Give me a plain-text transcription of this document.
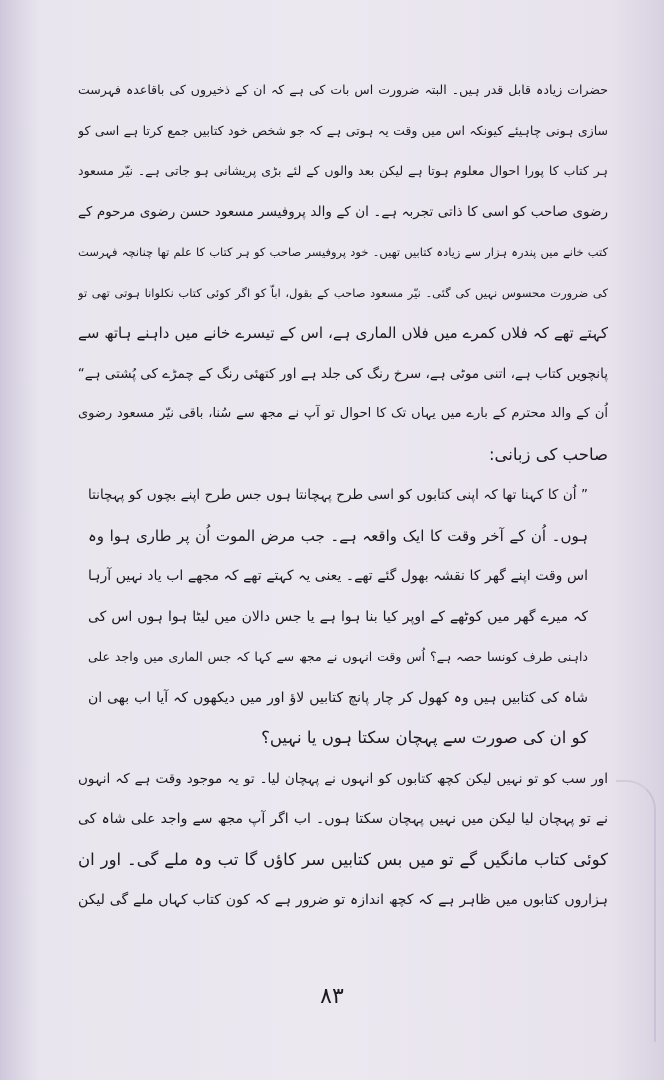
حضرات زیادہ قابل قدر ہیں۔ البتہ ضرورت اس بات کی ہے کہ ان کے ذخیروں کی باقاعدہ فہرست
سازی ہونی چاہیئے کیونکہ اس میں وقت یہ ہوتی ہے کہ جو شخص خود کتابیں جمع کرتا ہے اسی کو
ہر کتاب کا پورا احوال معلوم ہوتا ہے لیکن بعد والوں کے لئے بڑی پریشانی ہو جاتی ہے۔ نیّر مسعود
رضوی صاحب کو اسی کا ذاتی تجربہ ہے۔ ان کے والد پروفیسر مسعود حسن رضوی مرحوم کے
کتب خانے میں پندرہ ہزار سے زیادہ کتابیں تھیں۔ خود پروفیسر صاحب کو ہر کتاب کا علم تھا چنانچہ فہرست
کی ضرورت محسوس نہیں کی گئی۔ نیّر مسعود صاحب کے بقول، اباّ کو اگر کوئی کتاب نکلوانا ہوتی تھی تو
کہتے تھے کہ فلاں کمرے میں فلاں الماری ہے، اس کے تیسرے خانے میں داہنے ہاتھ سے
پانچویں کتاب ہے، اتنی موٹی ہے، سرخ رنگ کی جلد ہے اور کتھئی رنگ کے چمڑے کی پُشتی ہے“
اُن کے والد محترم کے بارے میں یہاں تک کا احوال تو آپ نے مجھ سے سُنا، باقی نیّر مسعود رضوی
صاحب کی زبانی:
” اُن کا کہنا تھا کہ اپنی کتابوں کو اسی طرح پہچانتا ہوں جس طرح اپنے بچوں کو پہچانتا
ہوں۔ اُن کے آخر وقت کا ایک واقعہ ہے۔ جب مرض الموت اُن پر طاری ہوا وہ
اس وقت اپنے گھر کا نقشہ بھول گئے تھے۔ یعنی یہ کہتے تھے کہ مجھے اب یاد نہیں آرہا
کہ میرے گھر میں کوٹھے کے اوپر کیا بنا ہوا ہے یا جس دالان میں لیٹا ہوا ہوں اس کی
داہنی طرف کونسا حصہ ہے؟ اُس وقت انہوں نے مجھ سے کہا کہ جس الماری میں واجد علی
شاہ کی کتابیں ہیں وہ کھول کر چار پانچ کتابیں لاؤ اور میں دیکھوں کہ آیا اب بھی ان
کو ان کی صورت سے پہچان سکتا ہوں یا نہیں؟
اور سب کو تو نہیں لیکن کچھ کتابوں کو انہوں نے پہچان لیا۔ تو یہ موجود وقت ہے کہ انہوں
نے تو پہچان لیا لیکن میں نہیں پہچان سکتا ہوں۔ اب اگر آپ مجھ سے واجد علی شاہ کی
کوئی کتاب مانگیں گے تو میں بس کتابیں سر کاؤں گا تب وہ ملے گی۔ اور ان
ہزاروں کتابوں میں ظاہر ہے کہ کچھ اندازہ تو ضرور ہے کہ کون کتاب کہاں ملے گی لیکن
۸۳
